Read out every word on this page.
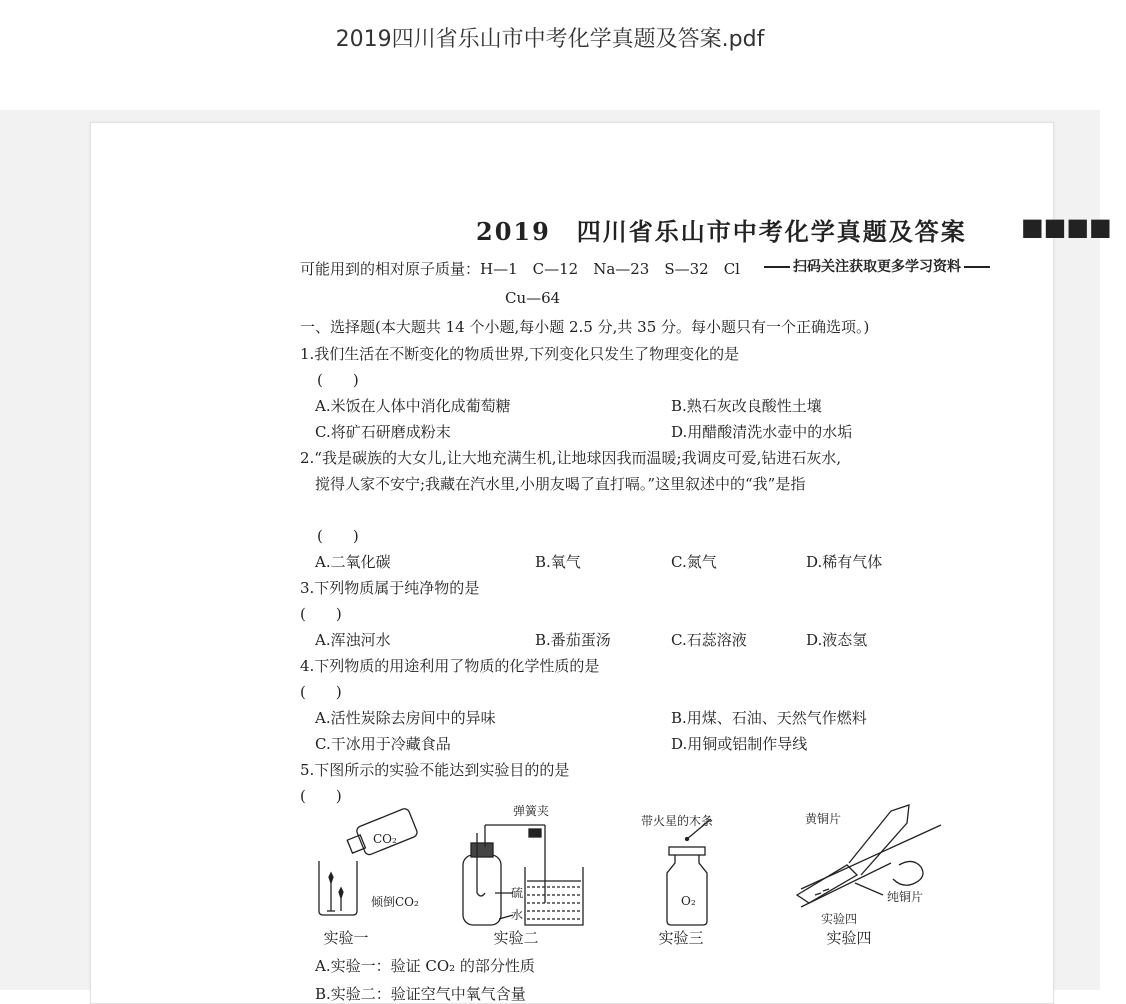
2019四川省乐山市中考化学真题及答案.pdf
2019　四川省乐山市中考化学真题及答案 ■■■■
可能用到的相对原子质量：H—1　C—12　Na—23　S—32　Cl	扫码关注获取更多学习资料
Cu—64
一、选择题(本大题共 14 个小题,每小题 2.5 分,共 35 分。每小题只有一个正确选项。)
1.我们生活在不断变化的物质世界,下列变化只发生了物理变化的是
(　　)
A.米饭在人体中消化成葡萄糖	B.熟石灰改良酸性土壤
C.将矿石研磨成粉末	D.用醋酸清洗水壶中的水垢
2.“我是碳族的大女儿,让大地充满生机,让地球因我而温暖;我调皮可爱,钻进石灰水,
搅得人家不安宁;我藏在汽水里,小朋友喝了直打嗝。”这里叙述中的“我”是指
(　　)
A.二氧化碳	B.氧气	C.氮气	D.稀有气体
3.下列物质属于纯净物的是
(　　)
A.浑浊河水	B.番茄蛋汤	C.石蕊溶液	D.液态氢
4.下列物质的用途利用了物质的化学性质的是
(　　)
A.活性炭除去房间中的异味	B.用煤、石油、天然气作燃料
C.干冰用于冷藏食品	D.用铜或铝制作导线
5.下图所示的实验不能达到实验目的的是
(　　)
CO₂
倾倒CO₂
实验一
弹簧夹
硫
水
实验二
带火星的木条
O₂
实验三
黄铜片
纯铜片
实验四
实验四
A.实验一：验证 CO₂ 的部分性质
B.实验二：验证空气中氧气含量
